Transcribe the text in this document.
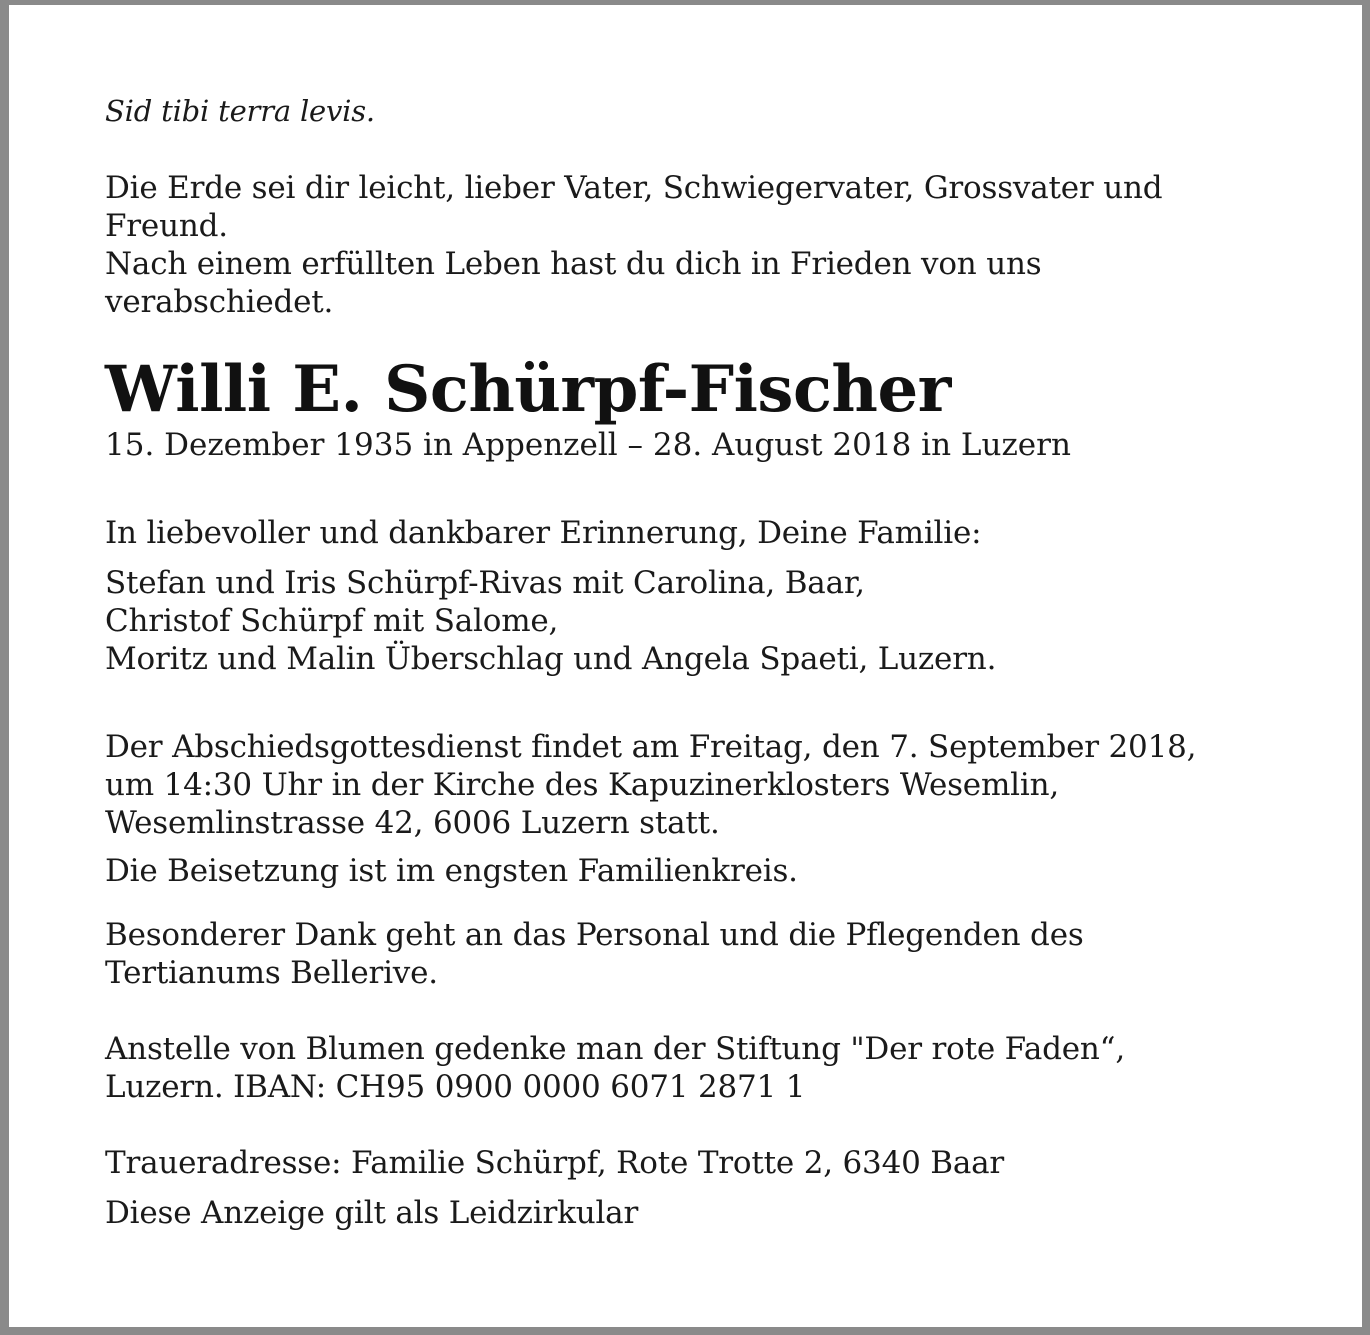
Sid tibi terra levis.
Die Erde sei dir leicht, lieber Vater, Schwiegervater, Grossvater und
Freund.
Nach einem erfüllten Leben hast du dich in Frieden von uns
verabschiedet.
Willi E. Schürpf-Fischer
15. Dezember 1935 in Appenzell – 28. August 2018 in Luzern
In liebevoller und dankbarer Erinnerung, Deine Familie:
Stefan und Iris Schürpf-Rivas mit Carolina, Baar,
Christof Schürpf mit Salome,
Moritz und Malin Überschlag und Angela Spaeti, Luzern.
Der Abschiedsgottesdienst findet am Freitag, den 7. September 2018,
um 14:30 Uhr in der Kirche des Kapuzinerklosters Wesemlin,
Wesemlinstrasse 42, 6006 Luzern statt.
Die Beisetzung ist im engsten Familienkreis.
Besonderer Dank geht an das Personal und die Pflegenden des
Tertianums Bellerive.
Anstelle von Blumen gedenke man der Stiftung "Der rote Faden“,
Luzern. IBAN: CH95 0900 0000 6071 2871 1
Traueradresse: Familie Schürpf, Rote Trotte 2, 6340 Baar
Diese Anzeige gilt als Leidzirkular
